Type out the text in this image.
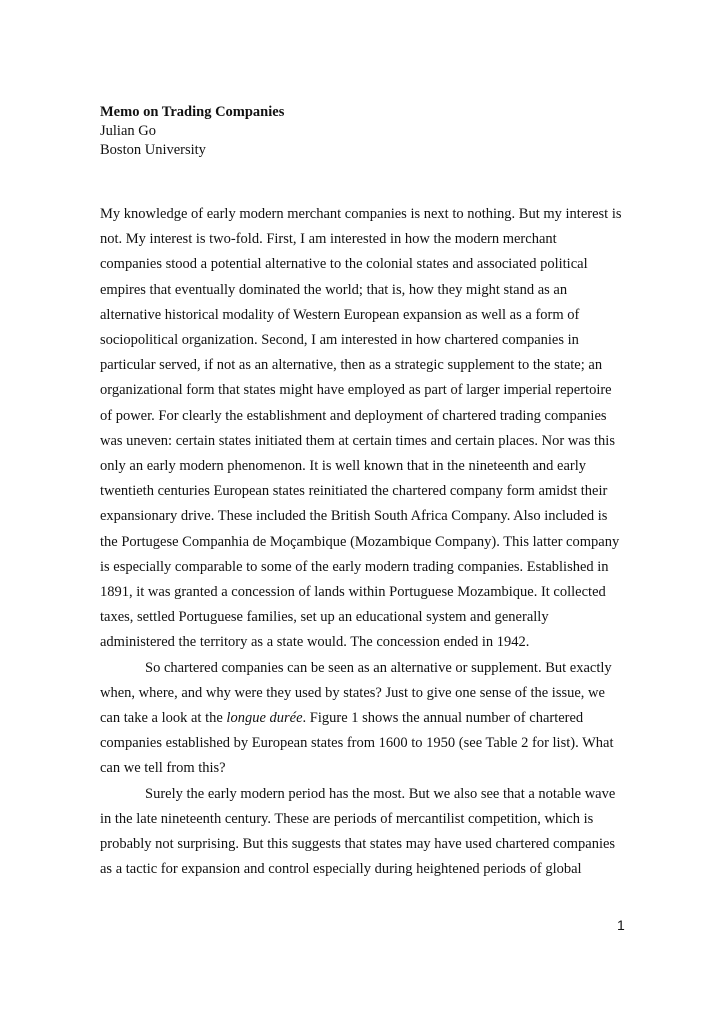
Memo on Trading Companies
Julian Go
Boston University

My knowledge of early modern merchant companies is next to nothing. But my interest is
not. My interest is two-fold. First, I am interested in how the modern merchant
companies stood a potential alternative to the colonial states and associated political
empires that eventually dominated the world; that is, how they might stand as an
alternative historical modality of Western European expansion as well as a form of
sociopolitical organization. Second, I am interested in how chartered companies in
particular served, if not as an alternative, then as a strategic supplement to the state; an
organizational form that states might have employed as part of larger imperial repertoire
of power. For clearly the establishment and deployment of chartered trading companies
was uneven: certain states initiated them at certain times and certain places. Nor was this
only an early modern phenomenon. It is well known that in the nineteenth and early
twentieth centuries European states reinitiated the chartered company form amidst their
expansionary drive. These included the British South Africa Company. Also included is
the Portugese Companhia de Moçambique (Mozambique Company). This latter company
is especially comparable to some of the early modern trading companies. Established in
1891, it was granted a concession of lands within Portuguese Mozambique. It collected
taxes, settled Portuguese families, set up an educational system and generally
administered the territory as a state would. The concession ended in 1942.

So chartered companies can be seen as an alternative or supplement. But exactly
when, where, and why were they used by states? Just to give one sense of the issue, we
can take a look at the longue durée. Figure 1 shows the annual number of chartered
companies established by European states from 1600 to 1950 (see Table 2 for list). What
can we tell from this?

Surely the early modern period has the most. But we also see that a notable wave
in the late nineteenth century. These are periods of mercantilist competition, which is
probably not surprising. But this suggests that states may have used chartered companies
as a tactic for expansion and control especially during heightened periods of global

1
